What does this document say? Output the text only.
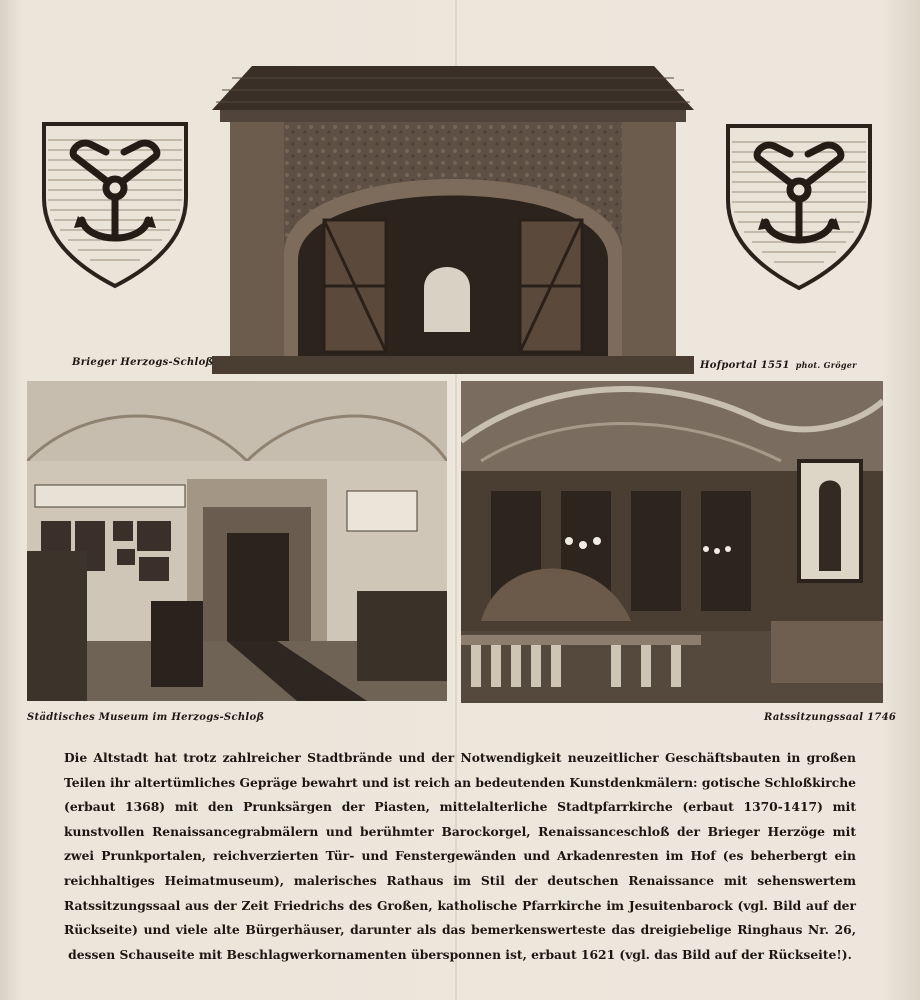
Brieger Herzogs-Schloß	Hofportal 1551 phot. Gröger
Städtisches Museum im Herzogs-Schloß	Ratssitzungssaal 1746
Die Altstadt hat trotz zahlreicher Stadtbrände und der Notwendigkeit neuzeitlicher Geschäftsbauten in großen Teilen ihr altertümliches Gepräge bewahrt und ist reich an bedeutenden Kunstdenkmälern: gotische Schloßkirche (erbaut 1368) mit den Prunksärgen der Piasten, mittelalterliche Stadtpfarrkirche (erbaut 1370-1417) mit kunstvollen Renaissancegrabmälern und berühmter Barockorgel, Renaissanceschloß der Brieger Herzöge mit zwei Prunkportalen, reichverzierten Tür- und Fenstergewänden und Arkadenresten im Hof (es beherbergt ein reichhaltiges Heimatmuseum), malerisches Rathaus im Stil der deutschen Renaissance mit sehenswertem Ratssitzungssaal aus der Zeit Friedrichs des Großen, katholische Pfarrkirche im Jesuitenbarock (vgl. Bild auf der Rückseite) und viele alte Bürgerhäuser, darunter als das bemerkenswerteste das dreigiebelige Ringhaus Nr. 26, dessen Schauseite mit Beschlagwerkornamenten übersponnen ist, erbaut 1621 (vgl. das Bild auf der Rückseite!).
